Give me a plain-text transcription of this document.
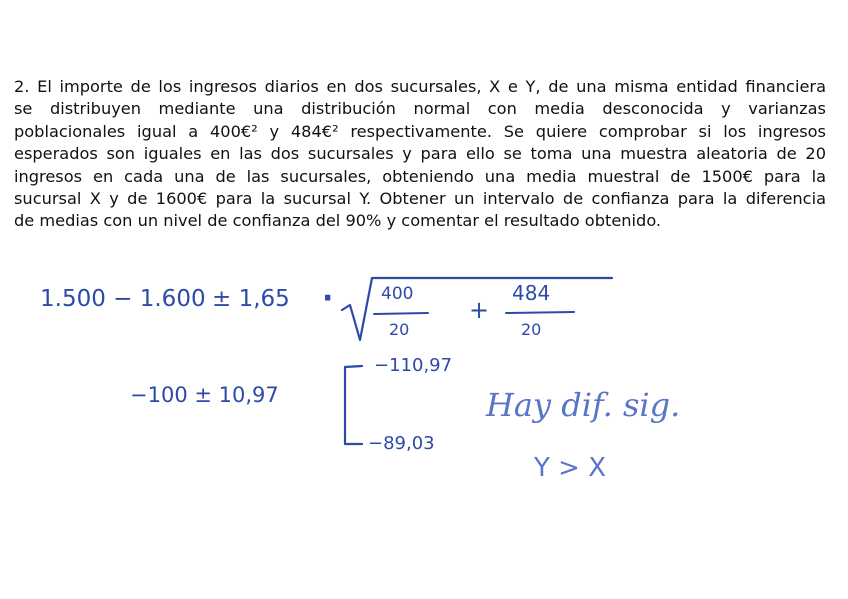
2. El importe de los ingresos diarios en dos sucursales, X e Y, de una misma entidad financiera
se distribuyen mediante una distribución normal con media desconocida y varianzas
poblacionales igual a 400€² y 484€² respectivamente. Se quiere comprobar si los ingresos
esperados son iguales en las dos sucursales y para ello se toma una muestra aleatoria de 20
ingresos en cada una de las sucursales, obteniendo una media muestral de 1500€ para la
sucursal X y de 1600€ para la sucursal Y. Obtener un intervalo de confianza para la diferencia
de medias con un nivel de confianza del 90% y comentar el resultado obtenido.
1.500 − 1.600 ± 1,65 ·	400
20
+
484
20
−100 ± 10,97
−110,97
−89,03
Hay dif. sig.
Y > X
